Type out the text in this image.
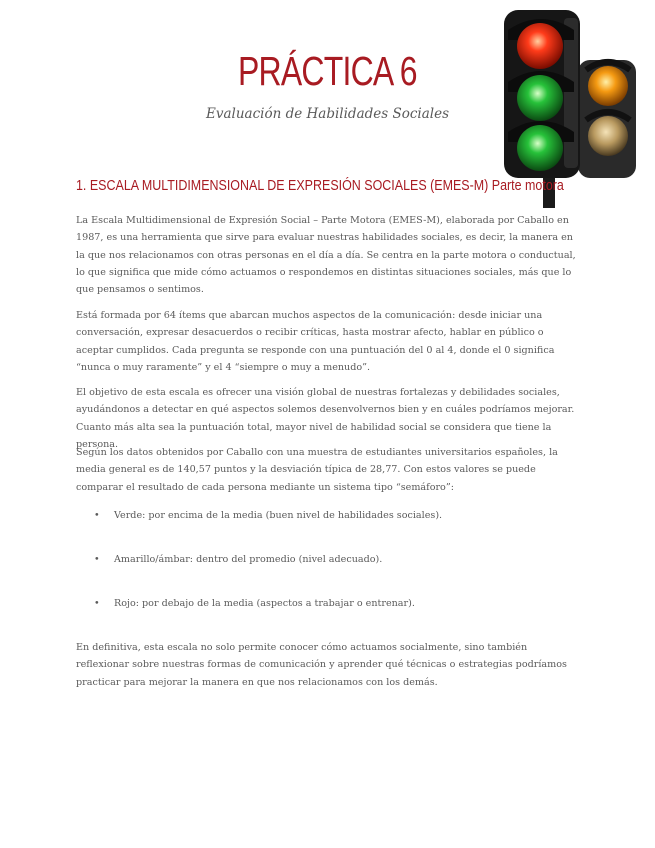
PRÁCTICA 6
Evaluación de Habilidades Sociales
1. ESCALA MULTIDIMENSIONAL DE EXPRESIÓN SOCIALES (EMES-M) Parte motora

La Escala Multidimensional de Expresión Social – Parte Motora (EMES-M), elaborada por Caballo en 1987, es una herramienta que sirve para evaluar nuestras habilidades sociales, es decir, la manera en la que nos relacionamos con otras personas en el día a día. Se centra en la parte motora o conductual, lo que significa que mide cómo actuamos o respondemos en distintas situaciones sociales, más que lo que pensamos o sentimos.

Está formada por 64 ítems que abarcan muchos aspectos de la comunicación: desde iniciar una conversación, expresar desacuerdos o recibir críticas, hasta mostrar afecto, hablar en público o aceptar cumplidos. Cada pregunta se responde con una puntuación del 0 al 4, donde el 0 significa “nunca o muy raramente” y el 4 “siempre o muy a menudo”.

El objetivo de esta escala es ofrecer una visión global de nuestras fortalezas y debilidades sociales, ayudándonos a detectar en qué aspectos solemos desenvolvernos bien y en cuáles podríamos mejorar. Cuanto más alta sea la puntuación total, mayor nivel de habilidad social se considera que tiene la persona.

Según los datos obtenidos por Caballo con una muestra de estudiantes universitarios españoles, la media general es de 140,57 puntos y la desviación típica de 28,77. Con estos valores se puede comparar el resultado de cada persona mediante un sistema tipo “semáforo”:

• Verde: por encima de la media (buen nivel de habilidades sociales).

• Amarillo/ámbar: dentro del promedio (nivel adecuado).

• Rojo: por debajo de la media (aspectos a trabajar o entrenar).

En definitiva, esta escala no solo permite conocer cómo actuamos socialmente, sino también reflexionar sobre nuestras formas de comunicación y aprender qué técnicas o estrategias podríamos practicar para mejorar la manera en que nos relacionamos con los demás.
